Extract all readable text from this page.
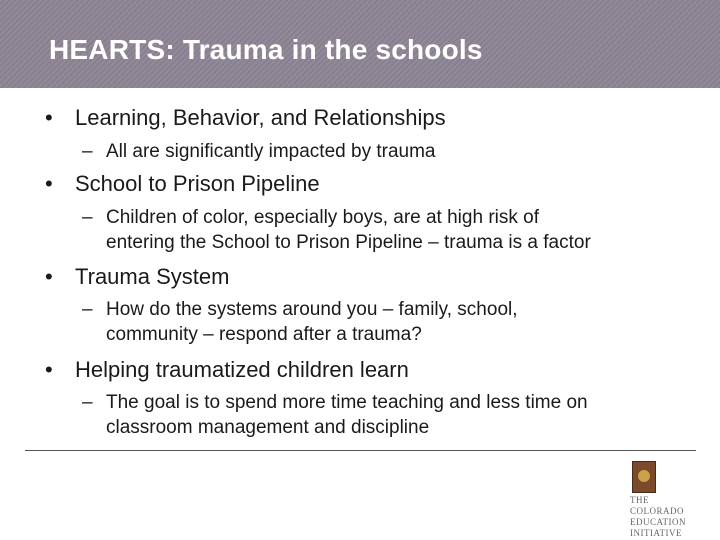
HEARTS: Trauma in the schools
• Learning, Behavior, and Relationships
– All are significantly impacted by trauma
• School to Prison Pipeline
– Children of color, especially boys, are at high risk of
entering the School to Prison Pipeline – trauma is a factor
• Trauma System
– How do the systems around you – family, school,
community – respond after a trauma?
• Helping traumatized children learn
– The goal is to spend more time teaching and less time on
classroom management and discipline
THE
COLORADO
EDUCATION
INITIATIVE
